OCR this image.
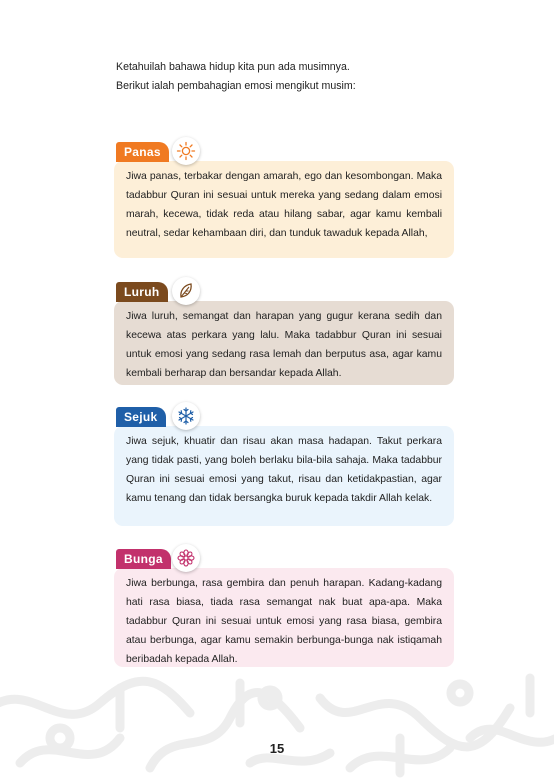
Ketahuilah bahawa hidup kita pun ada musimnya.

Berikut ialah pembahagian emosi mengikut musim:

Panas
Jiwa panas, terbakar dengan amarah, ego dan kesombongan. Maka tadabbur Quran ini sesuai untuk mereka yang sedang dalam emosi marah, kecewa, tidak reda atau hilang sabar, agar kamu kembali neutral, sedar kehambaan diri, dan tunduk tawaduk kepada Allah,
Luruh
Jiwa luruh, semangat dan harapan yang gugur kerana sedih dan kecewa atas perkara yang lalu. Maka tadabbur Quran ini sesuai untuk emosi yang sedang rasa lemah dan berputus asa, agar kamu kembali berharap dan bersandar kepada Allah.
Sejuk
Jiwa sejuk, khuatir dan risau akan masa hadapan. Takut perkara yang tidak pasti, yang boleh berlaku bila-bila sahaja. Maka tadabbur Quran ini sesuai emosi yang takut, risau dan ketidakpastian, agar kamu tenang dan tidak bersangka buruk kepada takdir Allah kelak.
Bunga
Jiwa berbunga, rasa gembira dan penuh harapan. Kadang-kadang hati rasa biasa, tiada rasa semangat nak buat apa-apa. Maka tadabbur Quran ini sesuai untuk emosi yang rasa biasa, gembira atau berbunga, agar kamu semakin berbunga-bunga nak istiqamah beribadah kepada Allah.
15
